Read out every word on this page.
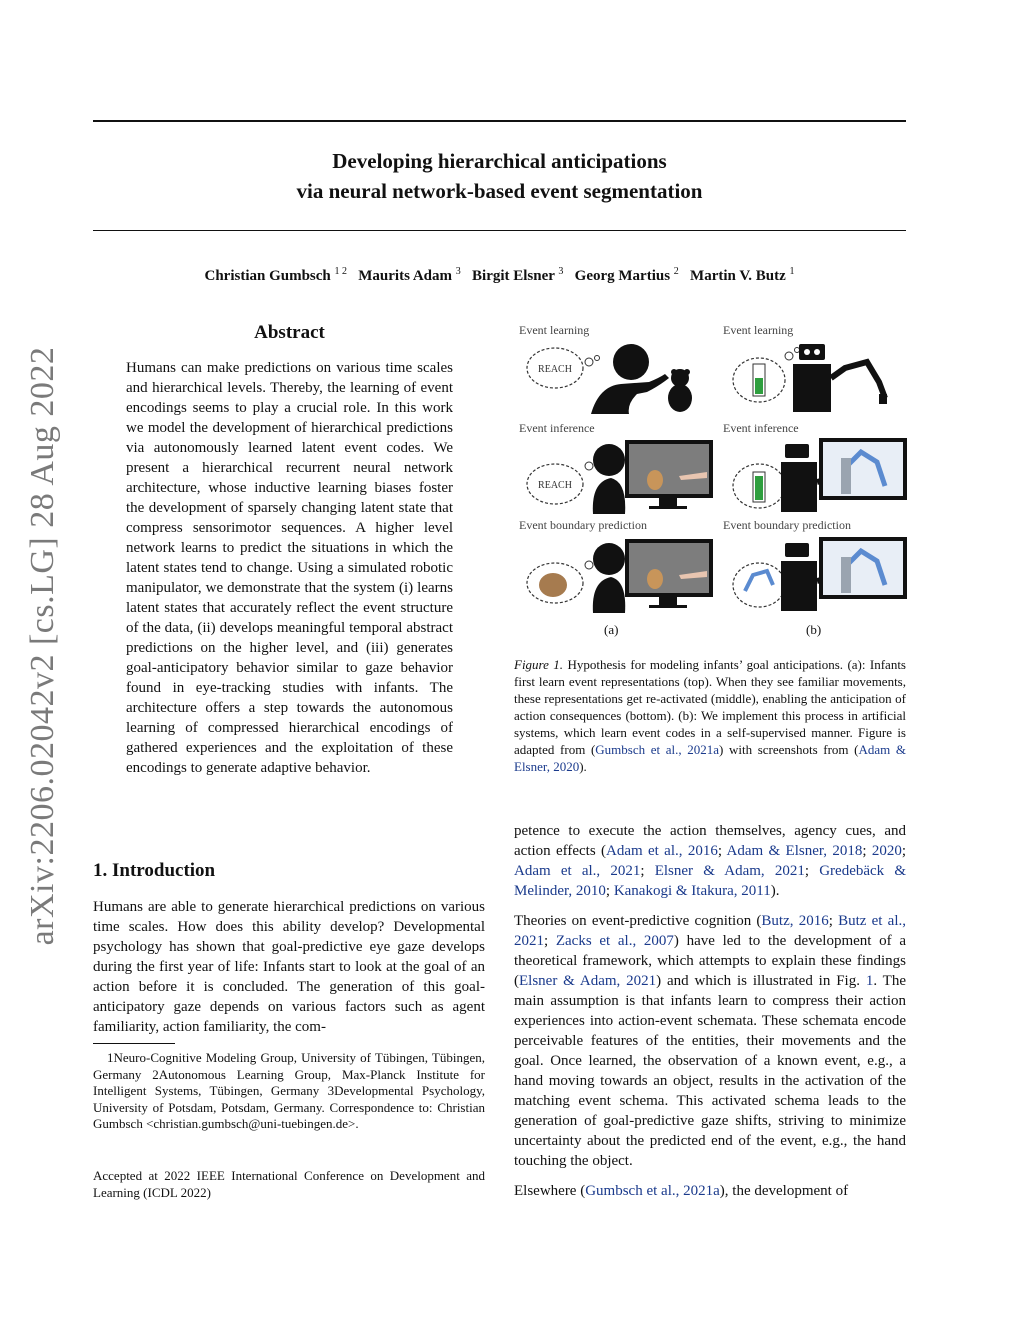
Developing hierarchical anticipations
via neural network-based event segmentation
Christian Gumbsch $^{1 2}$ Maurits Adam $^3$ Birgit Elsner $^3$ Georg Martius $^2$ Martin V. Butz $^1$
arXiv:2206.02042v2 [cs.LG] 28 Aug 2022
Abstract
Humans can make predictions on various time scales and hierarchical levels. Thereby, the learning of event encodings seems to play a crucial role. In this work we model the development of hierarchical predictions via autonomously learned latent event codes. We present a hierarchical recurrent neural network architecture, whose inductive learning biases foster the development of sparsely changing latent state that compress sensorimotor sequences. A higher level network learns to predict the situations in which the latent states tend to change. Using a simulated robotic manipulator, we demonstrate that the system (i) learns latent states that accurately reflect the event structure of the data, (ii) develops meaningful temporal abstract predictions on the higher level, and (iii) generates goal-anticipatory behavior similar to gaze behavior found in eye-tracking studies with infants. The architecture offers a step towards the autonomous learning of compressed hierarchical encodings of gathered experiences and the exploitation of these encodings to generate adaptive behavior.
1. Introduction
Humans are able to generate hierarchical predictions on various time scales. How does this ability develop? Developmental psychology has shown that goal-predictive eye gaze develops during the first year of life: Infants start to look at the goal of an action before it is concluded. The generation of this goal-anticipatory gaze depends on various factors such as agent familiarity, action familiarity, the com-
1Neuro-Cognitive Modeling Group, University of Tübingen, Tübingen, Germany 2Autonomous Learning Group, Max-Planck Institute for Intelligent Systems, Tübingen, Germany 3Developmental Psychology, University of Potsdam, Potsdam, Germany. Correspondence to: Christian Gumbsch <christian.gumbsch@uni-tuebingen.de>.
Accepted at 2022 IEEE International Conference on Development and Learning (ICDL 2022)
Event learning	Event learning
Event inference	Event inference
Event boundary prediction	Event boundary prediction
REACH
REACH
(a)	(b)
Figure 1. Hypothesis for modeling infants’ goal anticipations. (a): Infants first learn event representations (top). When they see familiar movements, these representations get re-activated (middle), enabling the anticipation of action consequences (bottom). (b): We implement this process in artificial systems, which learn event codes in a self-supervised manner. Figure is adapted from (Gumbsch et al., 2021a) with screenshots from (Adam & Elsner, 2020).
petence to execute the action themselves, agency cues, and action effects (Adam et al., 2016; Adam & Elsner, 2018; 2020; Adam et al., 2021; Elsner & Adam, 2021; Gredebäck & Melinder, 2010; Kanakogi & Itakura, 2011).
Theories on event-predictive cognition (Butz, 2016; Butz et al., 2021; Zacks et al., 2007) have led to the development of a theoretical framework, which attempts to explain these findings (Elsner & Adam, 2021) and which is illustrated in Fig. 1. The main assumption is that infants learn to compress their action experiences into action-event schemata. These schemata encode perceivable features of the entities, their movements and the goal. Once learned, the observation of a known event, e.g., a hand moving towards an object, results in the activation of the matching event schema. This activated schema leads to the generation of goal-predictive gaze shifts, striving to minimize uncertainty about the predicted end of the event, e.g., the hand touching the object.
Elsewhere (Gumbsch et al., 2021a), the development of
